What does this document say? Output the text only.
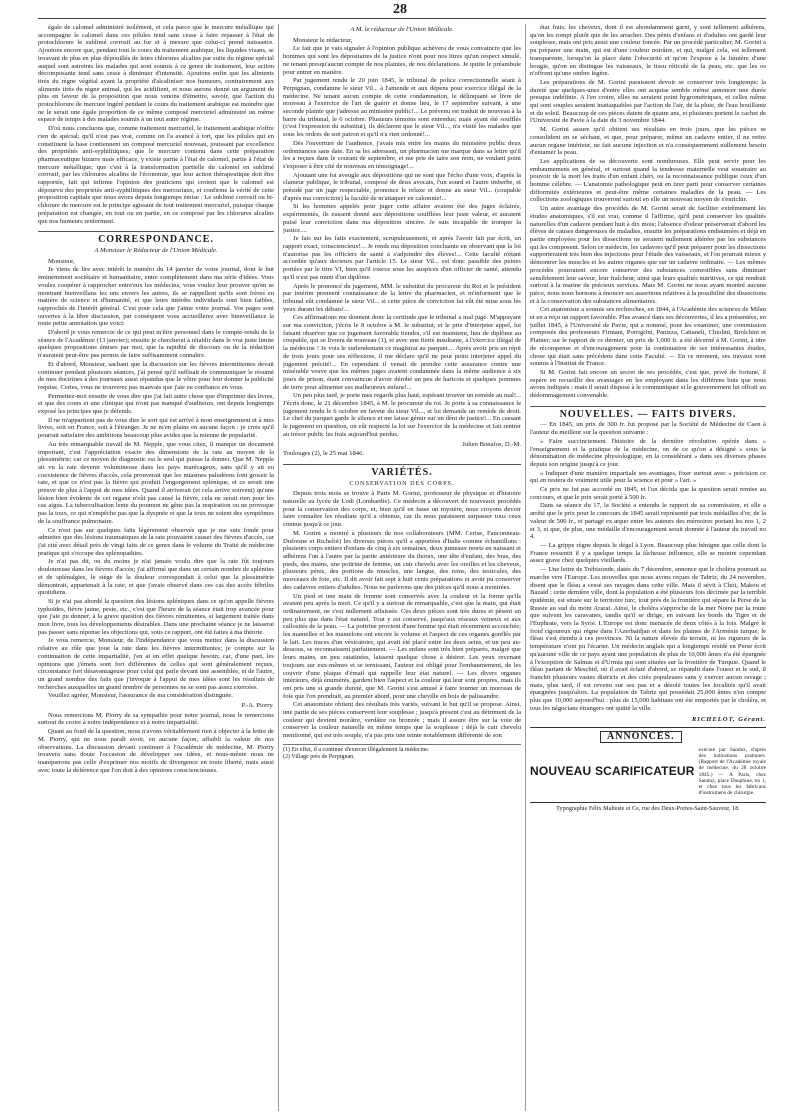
28

égale de calomel administré isolément, et cela parce que le mercure métallique qui accompagne le calomel dans ces pilules tend sans cesse à faire repasser à l'état de protochlorure le sublimé corrosif au fur et à mesure que celui-ci prend naissance. Ajoutons encore que, pendant tout le cours du traitement arabique, les liquides visans, se trouvant de plus en plus dépouillés de leurs chlorures alcalins par suite du régime spécial auquel sont astreints les malades qui sont soumis à ce genre de traitement, leur action décomposante tend sans cesse à diminuer d'intensité. Ajoutons enfin que les aliments tirés du règne végétal ayant la propriété d'alcaliniser nos humeurs, contrairement aux aliments tirés du règne animal, qui les acidifient, et nous aurons donné un argument de plus en faveur de la proposition que nous venons d'émettre, savoir, que l'action du protochlorure de mercure ingéré pendant le cours du traitement arabique est moindre que ne le serait une égale proportion de ce même composé mercuriel administré un même espace de temps à des malades soumis à un tout autre régime.

D'où nous concluons que, comme traitement mercuriel, le traitement arabique n'offre rien de spécial; qu'il n'est pas vrai, comme on l'a avancé à tort, que les pilules qui en constituent la base contiennent un composé mercuriel nouveau, jouissant par excellence des propriétés anti-syphilitiques; que le mercure contenu dans cette préparation pharmaceutique bizarre mais efficace, y existe partie à l'état de calomel, partie à l'état de mercure métallique; que c'est à la transformation partielle du calomel en sublimé corrosif, par les chlorures alcalins de l'économie, que leur action thérapeutique doit être rapportée, fait qui infirme l'opinion des praticiens qui croient que le calomel est dépourvu des propriétés anti-syphilitiques des mercuriaux, et confirme la vérité de cette proposition capitale que nous avons depuis longtemps émise : Le sublimé corrosif ou bi-chlorure de mercure est le principe agissant de tout traitement mercuriel, puisque chaque préparation est changée, en tout ou en partie, en ce composé par les chlorures alcalins que nos humeurs renferment.

CORRESPONDANCE.
A Monsieur le Rédacteur de l'Union Médicale.

Monsieur,

Je viens de lire avec intérêt le numéro du 14 janvier de votre journal, dont le but éminemment sociétaire et humanitaire, entre complètement dans ma série d'idées. Vous voulez coopérer à rapprocher entre'eux les médecins, vous voulez leur prouver qu'en se montrant bienveillans les uns envers les autres, ils se rappellent qu'ils sont frères en matière de science et d'humanité, et que leurs intérêts individuels sont bien faibles, rapprochés de l'intérêt général. C'est pour cela que j'aime votre journal. Vos pages sont ouvertes à la libre discussion, par conséquent vous accueillerez avec bienveillance la toute petite annotation que voici:

D'abord je vous remercie de ce qui peut m'être personnel dans le compte-rendu de la séance de l'Académie (13 janvier); ensuite je chercherai à rétablir dans le vrai juste limite quelques propositions émises par moi, que la rapidité de discours ou de la rédaction n'auraient peut-être pas permis de faire suffisamment connaître.

Et d'abord, Monsieur, sachant que la discussion sur les fièvres intermittentes devait continuer pendant plusieurs séances, j'ai pensé qu'il suffisait de communiquer le résumé de mes doctrines à des journaux aussi répandus que le vôtre pour leur donner la publicité requise. Certes, vous ne trouverez pas mauvais que j'aie eu confiance en vous.

Permettez-moi ensuite de vous dire que j'ai fait autre chose que d'imprimer des livres, et que des cours et une clinique qui n'ont pas manqué d'auditeurs, ont depuis longtemps exposé les principes que je défends.

Il ne m'appartient pas de vous dire le sort qui est arrivé à mon enseignement et à mes livres, soit en France, soit à l'étranger. Je ne m'en plains en aucune façon : je crois qu'il pourrait satisfaire des ambitions beaucoup plus avides que la mienne de popularité.

Au très remarquable travail de M. Nepple, que vous citez, il manque un document important, c'est l'appréciation exacte des dimensions de la rate au moyen de la plessimétrie; car ce moyen de diagnostic est le seul qui puisse la donner. Que M. Nepple ait vu la rate devenir volumineuse dans les pays marécageux, sans qu'il y ait eu coexistence de fièvres d'accès, cela prouverait que les miasmes paludéens font grossir la rate, et que ce n'est pas la fièvre qui produit l'engorgement splénique, et ce serait une preuve de plus à l'appui de mes idées. Quand il arriverait (et cela arrive souvent) qu'une lésion bien évidente de cet organe n'eût pas causé la fièvre, cela ne serait rien pour les cas aigus. La tuberculisation lente du poumon ne gêne pas la respiration ou ne provoque pas la toux, ce qui n'empêche pas que la dyspnée et que la toux ne soient des symptômes de la souffrance pulmonaire.

Ce n'est pas sur quelques faits légèrement observés que je me suis fondé pour admettre que des lésions traumatiques de la rate pouvaient causer des fièvres d'accès, car j'ai cité avec détail près de vingt faits de ce genre dans le volume du Traité de médecine pratique qui s'occupe des splénopathies.

Je n'ai pas dit, ou du moins je n'ai jamais voulu dire que la rate fût toujours douloureuse dans les fièvres d'accès; j'ai affirmé que dans un certain nombre de splénites et de splénalgies, le siège de la douleur correspondait à celui que la plessimétrie démontrait, appartenait à la rate, et que j'avais observé dans ces cas des accès fébriles quotidiens.

Si je n'ai pas abordé la question des lésions spléniques dans ce qu'on appelle fièvres typhoïdes, fièvre jaune, peste, etc., c'est que l'heure de la séance était trop avancée pour que j'aie pu donner, à la grave question des fièvres rémittentes, si largement traitée dans mon livre, tous les développements désirables. Dans une prochaine séance je ne laisserai pas passer sans réponse les objections qui, sous ce rapport, ont été faites à ma théorie.

Je vous remercie, Monsieur, de l'indépendance que vous mettez dans la discussion relative au rôle que joue la rate dans les fièvres intermittentes; je compte sur la continuation de cette impartialité, j'en ai en effet quelque besoin; car, d'une part, les opinions que j'émets sont fort différentes de celles qui sont généralement reçues, circonstance fort désavantageuse pour celui qui parle devant une assemblée, et de l'autre, un grand nombre des faits que j'invoque à l'appui de mes idées sont les résultats de recherches auxquelles un grand nombre de personnes ne se sont pas assez exercées.

Veuillez agréer, Monsieur, l'assurance de ma considération distinguée.

P.-A. Piorry.

Nous remercions M. Piorry de sa sympathie pour notre journal, nous le remercions surtout de croire à notre indépendance et à notre impartialité.

Quant au fond de la question, nous n'avons véritablement rien à objecter à la lettre de M. Piorry, qui ne nous paraît avoir, en aucune façon, affaibli la valeur de nos observations. La discussion devant continuer à l'Académie de médecine, M. Piorry trouvera sans doute l'occasion de développer ses idées, et nous-même nous ne manquerons pas celle d'exprimer nos motifs de divergence en toute liberté, mais aussi avec toute la déférence que l'on doit à des opinions consciencieuses.

A M. le rédacteur de l'Union Médicale.

Monsieur le rédacteur,

Le fait que je vais signaler à l'opinion publique achèvera de vous convaincre que les hommes qui sont les dépositaires de la justice n'ont pour nos titres qu'un respect simulé, ne tenant presqu'aucun compte de nos plaintes, de nos déclarations. Je quitte le préambule pour entrer en matière.

Par jugement rendu le 20 juin 1845, le tribunal de police correctionnelle séant à Perpignan, condamne le sieur Vil... à l'amende et aux dépens pour exercice illégal de la médecine. Ne tenant aucun compte de cette condamnation, le délinquant se livre de nouveau à l'exercice de l'art de guérir et donne lieu, le 17 septembre suivant, à une seconde plainte que j'adresse au ministère public!... Le prévenu est traduit de nouveau à la barre du tribunal, le 6 octobre. Plusieurs témoins sont entendus; mais ayant été soufflés (c'est l'expression du substitut), ils déclarent que le sieur Vil..., n'a visité les malades que sous les ordres de son patron et qu'il n'a rien ordonné!...

Dès l'ouverture de l'audience, j'avais mis entre les mains du ministère public deux ordonnances sans date. En sa les adressant, un pharmacien me marque dans sa lettre qu'il les a reçues dans le courant de septembre, et me prie de taire son nom, ne voulant point s'exposer à être cité de nouveau en témoignage!...

Ajoutant une foi aveugle aux dépositions qui ne sont que l'écho d'une voix, d'après la clameur publique, le tribunal, composé de deux avocats, l'un sourd et l'autre imberbe, et présidé par un juge respectable, prononce le relaxe et donne au sieur Vil... (coupable d'après ma conviction) la faculté de m'attaquer en calomnie!...

Si les hommes appelés pour juger cette affaire avaient été des juges éclairés, expérimentés, ils eussent donné aux dépositions soufflées leur juste valeur, et auraient puisé leur conviction dans ma déposition sincère. Je suis incapable de tromper la justice....

Je fais sur les faits exactement, scrupuleusement, et après l'avoir fait par écrit, un rapport exact, consciencieux!... Je rends ma déposition concluante en observant que la loi n'autorise pas les officiers de santé à s'adjoindre des élèves!... Cette faculté n'étant accordée qu'aux docteurs par l'article 15. Le sieur Vil... est donc passible des peines portées par le titre VI, bien qu'il exerce sous les auspices d'un officier de santé, attendu qu'il n'est pas muni d'un diplôme.

Après le prononcé du jugement, MM. le substitut du procureur du Roi et le président par intérim prennent connaissance de la lettre du pharmacien, et m'informent que le tribunal eût condamné le sieur Vil... si cette pièce de conviction lui eût été mise sous les yeux durant les débats!...

Ces affirmations me donnent donc la certitude que le tribunal a mal jugé. M'appuyant sur ma conviction, j'écris le 8 octobre à M. le substitut, et le prie d'interjeter appel, lui faisant observer que ce jugement favorable tiendra, s'il est maintenu, lieu de diplôme au coupable, qui se livrera de nouveau (1), et avec une fierté insultante, à l'exercice illégal de la médecine ! Je vois le surlendemain ce magistrat au parquet.... Après avoir pris un répit de trois jours pour ses réflexions, il me déclare qu'il ne peut point interjeter appel du jugement précité!... En cependant il venait de prendre cette assurance contre une misérable veuve que les mêmes juges avaient condamnée dans la même audience à six jours de prison, étant convaincue d'avoir dérobé un peu de haricots et quelques pommes de terre pour alimenter ses malheureux enfans!...

Un peu plus tard, je porte mes regards plus haut, espérant trouver un remède au mal!... J'écris donc, le 21 décembre 1845, à M. le procureur du roi. Je porte à sa connaissance le jugement rendu le 6 octobre en faveur du sieur Vil..., et lui demande un remède de droit. Le chef du parquet garde le silence et me laisse gémir sur un déni de justice!... En cassant le jugement en question, on eût respecté la loi sur l'exercice de la médecine et fait rentrer au trésor public les frais aujourd'hui perdus.

Julien Bonafos, D.-M.

Toulouges (2), le 25 mai 1846.

VARIÉTÉS.
CONSERVATION DES CORPS.

Depuis trois mois se trouve à Paris M. Gorini, professeur de physique et d'histoire naturelle au lycée de Lodi (Lombardie). Ce médecin a découvert de nouveaux procédés pour la conservation des corps, et, bien qu'il en fasse un mystère, nous croyons devoir faire connaître les résultats qu'il a obtenus, car ils nous paraissent surpasser tous ceux connus jusqu'à ce jour.

M. Gorini a montré à plusieurs de nos collaborateurs (MM. Cerise, Fauconneau-Dufresne et Richelot) les diverses pièces qu'il a apportées d'Italie comme échantillons : plusieurs corps entiers d'enfans de cinq à six semaines, deux jumeaux morts en naissant et adhérens l'un à l'autre par la partie antérieure du thorax, une tête d'enfant, des bras, des pieds, des mains, une poitrine de femme, un cuir chevelu avec les oreilles et les cheveux, plusieurs pénis, des portions de muscles, une langue, des reins, des testicules, des morceaux de foie, etc. Il dit avoir fait sept à huit cents préparations et avoir pu conserver des cadavres entiers d'adultes. Nous ne parlerons que des pièces qu'il nous a montrées.

Un pied et une main de femme sont conservés avec la couleur et la forme qu'ils avaient peu après la mort. Ce qu'il y a surtout de remarquable, c'est que la main, qui était ordinairement, ne s'est nullement affaissée. Ces deux pièces sont très dures et pèsent un peu plus que dans l'état naturel. Tout y est conservé, jusqu'aux réseaux veineux et aux callosités de la peau. — La poitrine provient d'une femme qui était récemment accouchée; les mamelles et les mamelons ont encore le volume et l'aspect de ces organes gonflés par le lait. Les traces d'un vésicatoire, qui avait été placé entre les deux seins, et un peu au-dessous, se reconnaissent parfaitement. — Les enfans sont très bien préparés, malgré que leurs mains, un peu ratatinées, laissent quelque chose à désirer. Les yeux revenant toujours sur eux-mêmes et se ternissant, l'auteur est obligé pour l'embaumement, de les couvrir d'une plaque d'émail qui rappelle leur état naturel. — Les divers organes intérieurs, déjà énumérés, gardent bien l'aspect et la couleur qui leur sont propres, mais ils ont pris une si grande dureté, que M. Gorini s'est amusé à faire tourner un morceau de foie que l'on prendrait, au premier abord, pour une cheville en bois de palissandre.

Cet anatomiste obtient des résultats très variés, suivant le but qu'il se propose. Ainsi, une partie de ses pièces conservent leur souplesse ; jusqu'à présent c'est au détriment de la couleur qui devient noirâtre, verdâtre ou bronzée ; mais il assure être sur la voie de conserver la couleur naturelle en même temps que la souplesse ; déjà le cuir chevelu mentionné, qui est très souple, n'a pas pris une teinte notablement différente de son

(1) En effet, il a continué d'exercer illégalement la médecine.
(2) Village près de Perpignan.

état frais; les cheveux, dont il est abondamment garni, y sont tellement adhérens, qu'on les rompt plutôt que de les arracher. Des pénis d'enfans et d'adultes ont gardé leur souplesse, mais ont pris aussi une couleur foncée. Par un procédé particulier, M. Gorini a pu préparer une main, qui est d'une couleur noirâtre, et qui, malgré cela, est tellement transparente, lorsqu'on la place dans l'obscurité et qu'on l'expose à la lumière d'une bougie, qu'on en distingue les vaisseaux, le tissu réticulé de la peau, etc. que les os n'offrent qu'une ombre légère.

Les préparations de M. Gorini paraissent devoir se conserver très longtemps; la dureté que quelques-unes d'entre elles ont acquise semble même annoncer une durée presque indéfinie. A l'en croire, elles ne seraient point hygrométriques, et celles même qui sont souples seraient inattaquables par l'action de l'air, de la pluie, de l'eau bouillante et du soleil. Beaucoup de ces pièces datent de quatre ans, et plusieurs portent le cachet de l'Université de Pavie à la date du 3 novembre 1844.

M. Gorini assure qu'il obtient ses résultats en trois jours, que les pièces se consolident en se séchant, et que, pour préparer, même un cadavre entier, il ne retire aucun organe intérieur, ne fait aucune injection et n'a conséquemment nullement besoin d'entamer la peau.

Les applications de sa découverte sont nombreuses. Elle peut servir pour les embaumemens en général, et surtout quand la tendresse maternelle veut soustraire au pouvoir de la mort les traits d'un enfant chéri, ou la reconnaissance publique ceux d'un homme célèbre. — L'anatomie pathologique peut en tirer parti pour conserver certaines difformités extérieures et peut-être même certaines maladies de la peau. — Les collections zoologiques trouveront surtout en elle un nouveau moyen de s'enrichir.

Un autre avantage des procédés de M. Gorini serait de faciliter extrêmement les études anatomiques, s'il est vrai, comme il l'affirme, qu'il peut conserver les qualités naturelles d'un cadavre pendant huit à dix mois; l'absence d'odeur préserverait d'abord les élèves de causes dangereuses de maladies, ensuite les préparations embaumées et déjà en partie employées pour les dissections ne seraient nullement altérées par les substances qui les composent. Selon ce médecin, les cadavres qu'il peut préparer pour les dissections supporteraient très bien des injections pour l'étude des vaisseaux, et l'on pourrait mieux y démontrer les muscles et les autres organes que sur un cadavre ordinaire. — Les mêmes procédés pourraient encore conserver des substances comestibles sans diminuer sensiblement leur saveur, leur fraîcheur, ainsi que leurs qualités nutritives, ce qui rendrait surtout à la marine de précieux services. Mais M. Gorini ne nous ayant montré aucune pièce, nous nous bornons à énoncer ses assertions relatives à la possibilité des dissections et à la conservation des substances alimentaires.

Cet anatomiste a soumis ses recherches, en 1844, à l'Académie des sciences de Milan et en a reçu un rapport favorable. Plus avancé dans ses découvertes, il les a présentées, en juillet 1845, à l'Université de Pavie, qui a nommé, pour les examiner, une commission composée des professeurs Firmani, Porrigrini, Panizza, Cattaneli, Chiolini, Brolchini et Platner; sur le rapport de ce dernier, un prix de 1,000 fr. a été décerné à M. Gorini, à titre de récompense et d'encouragement pour la continuation de ses intéressantes études, chose qui était sans précédens dans cette Faculté. — En ce moment, ses travaux sont soumis à l'Institut de France.

Si M. Gorini fait encore un secret de ses procédés, c'est que, privé de fortune, il espère en recueillir des avantages en les employant dans les différens buts que nous avons indiqués ; mais il serait disposé à le communiquer si le gouvernement lui offrait un dédommagement convenable.

NOUVELLES. — FAITS DIVERS.

— En 1845, un prix de 300 fr. fut proposé par la Société de Médecine de Caen à l'auteur du meilleur sur la question suivante :

» Faire succinctement l'histoire de la dernière révolution opérée dans » l'enseignement et la pratique de la médecine, on de ce qu'on a désigné » sous la dénomination de médecine physiologique, en la considérant » dans ses diverses phases depuis son origine jusqu'à ce jour.

» Indiquer d'une manière impartiale ses avantages, fixer surtout avec » précision ce qui en restera de vraiment utile pour la science et pour » l'art. »

Ce prix ne fut pas accordé en 1845, et l'on décida que la question serait remise au concours, et que le prix serait porté à 500 fr.

Dans sa séance du 17, la Société a entendu le rapport de sa commission, et elle a arrêté que le prix pour le concours de 1845 serait représenté par trois médailles d'or, de la valeur de 500 fr., et partagé ex æquo entre les auteurs des mémoires portant les nos 1, 2 et 3, et que, de plus, une médaille d'encouragement serait donnée à l'auteur du travail no 4.

— La grippe règne depuis le dégel à Lyon. Beaucoup plus bénigne que celle dont la France ressentit il y a quelque temps la fâcheuse influence, elle se montre cependant assez grave chez quelques vieillards.

— Une lettre de Trébizonde, datée du 7 décembre, annonce que le choléra poursuit sa marche vers l'Europe. Les nouvelles que nous avons reçues de Tabriz, du 24 novembre, disent que le fléau a cessé ses ravages dans cette ville. Mais il sévit à Choi, Makou et Bazaid ; cette dernière ville, dont la population a été plusieurs fois décimée par la terrible épidémie, est située sur le territoire turc, tout près de la frontière qui sépare la Perse de la Russie au sud du mont Ararat. Ainsi, le choléra s'approche de la mer Noire par la route que suivent les caravanes, tandis qu'il se dirige, en suivant les bords du Tigre et de l'Euphrate, vers la Syrie. L'Europe est donc menacée de deux côtés à la fois. Malgré le froid rigoureux qui règne dans l'Azerbaïdjan et dans les plaines de l'Arménie turque, le fléau s'est étendu à ces provinces. Ni la nature élevée du terrain, ni les rigueurs de la température n'ont pu l'écarter. Un médecin anglais qui a longtemps résidé en Perse écrit qu'aucune ville de ce pays ayant une population de plus de 10,000 âmes n'a été épargnée à l'exception de Salmas et d'Urmia qui sont situées sur la frontière de Turquie. Quand le fléau partant de Meschid, où il avait éclaté d'abord, se répandit dans l'ouest et le sud, il franchit plusieurs vastes districts et des cités populeuses sans y exercer aucun ravage ; mais, plus tard, il est revenu sur ses pas et a désolé toutes les localités qu'il avait épargnées jusqu'alors. La population de Tabriz qui possédait 25,000 âmes n'en compte plus que 10,000 aujourd'hui : plus de 15,000 habitans ont été emportés par le choléra, et tous les négocians étrangers ont quitté la ville.

RICHELOT, Gérant.
ANNONCES.
NOUVEAU SCARIFICATEUR
exécuté par Sandoz, d'après des indications pratiques. (Rapport de l'Académie royale de médecine, du 28 octobre 1845.) — A Paris, chez Sandoz, place Dauphine, no 1, et chez tous les fabricans d'instrumens de chirurgie.
Typographie Félix Malteste et Ce, rue des Deux-Portes-Saint-Sauveur, 18.
